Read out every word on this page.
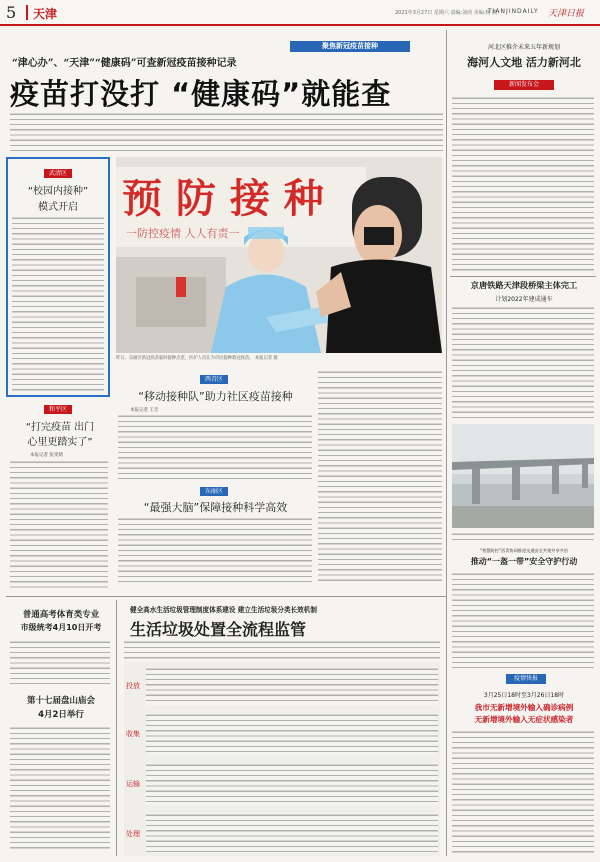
5 天津	2021年3月27日 星期六 责编:刘泱 美编:杨 凯
TIANJINDAILY 天津日报
聚焦新冠疫苗接种
“津心办”、“天津”“健康码”可查新冠疫苗接种记录
疫苗打没打 “健康码”就能查
武清区
“校园内接种”
模式开启	预 防 接 种
一防控疫情 人人有责一
昨日，东丽区新冠疫苗临时接种点里，医护人员在为市民接种新冠疫苗。 本报记者 摄
和平区
“打完疫苗 出门
心里更踏实了”
本报记者 张雯婧
西青区
“移动接种队”助力社区疫苗接种
本报记者 王音
东丽区
“最强大脑”保障接种科学高效
普通高考体育类专业
市级统考4月10日开考
第十七届盘山庙会
4月2日举行
健全高水生活垃圾管理制度体系建设 建立生活垃圾分类长效机制
生活垃圾处置全流程监管
投放
收集
运输
处理
河北区推介未来五年新规划
海河人文地 活力新河北
新闻发布会
京唐铁路天津段桥梁主体完工
计划2022年建成通车
“智慧防控”西青协同推进交通安全共建共享共治
推动“一盔一带”安全守护行动
疫情快报
3月25日18时至3月26日18时
我市无新增境外输入确诊病例
无新增境外输入无症状感染者
